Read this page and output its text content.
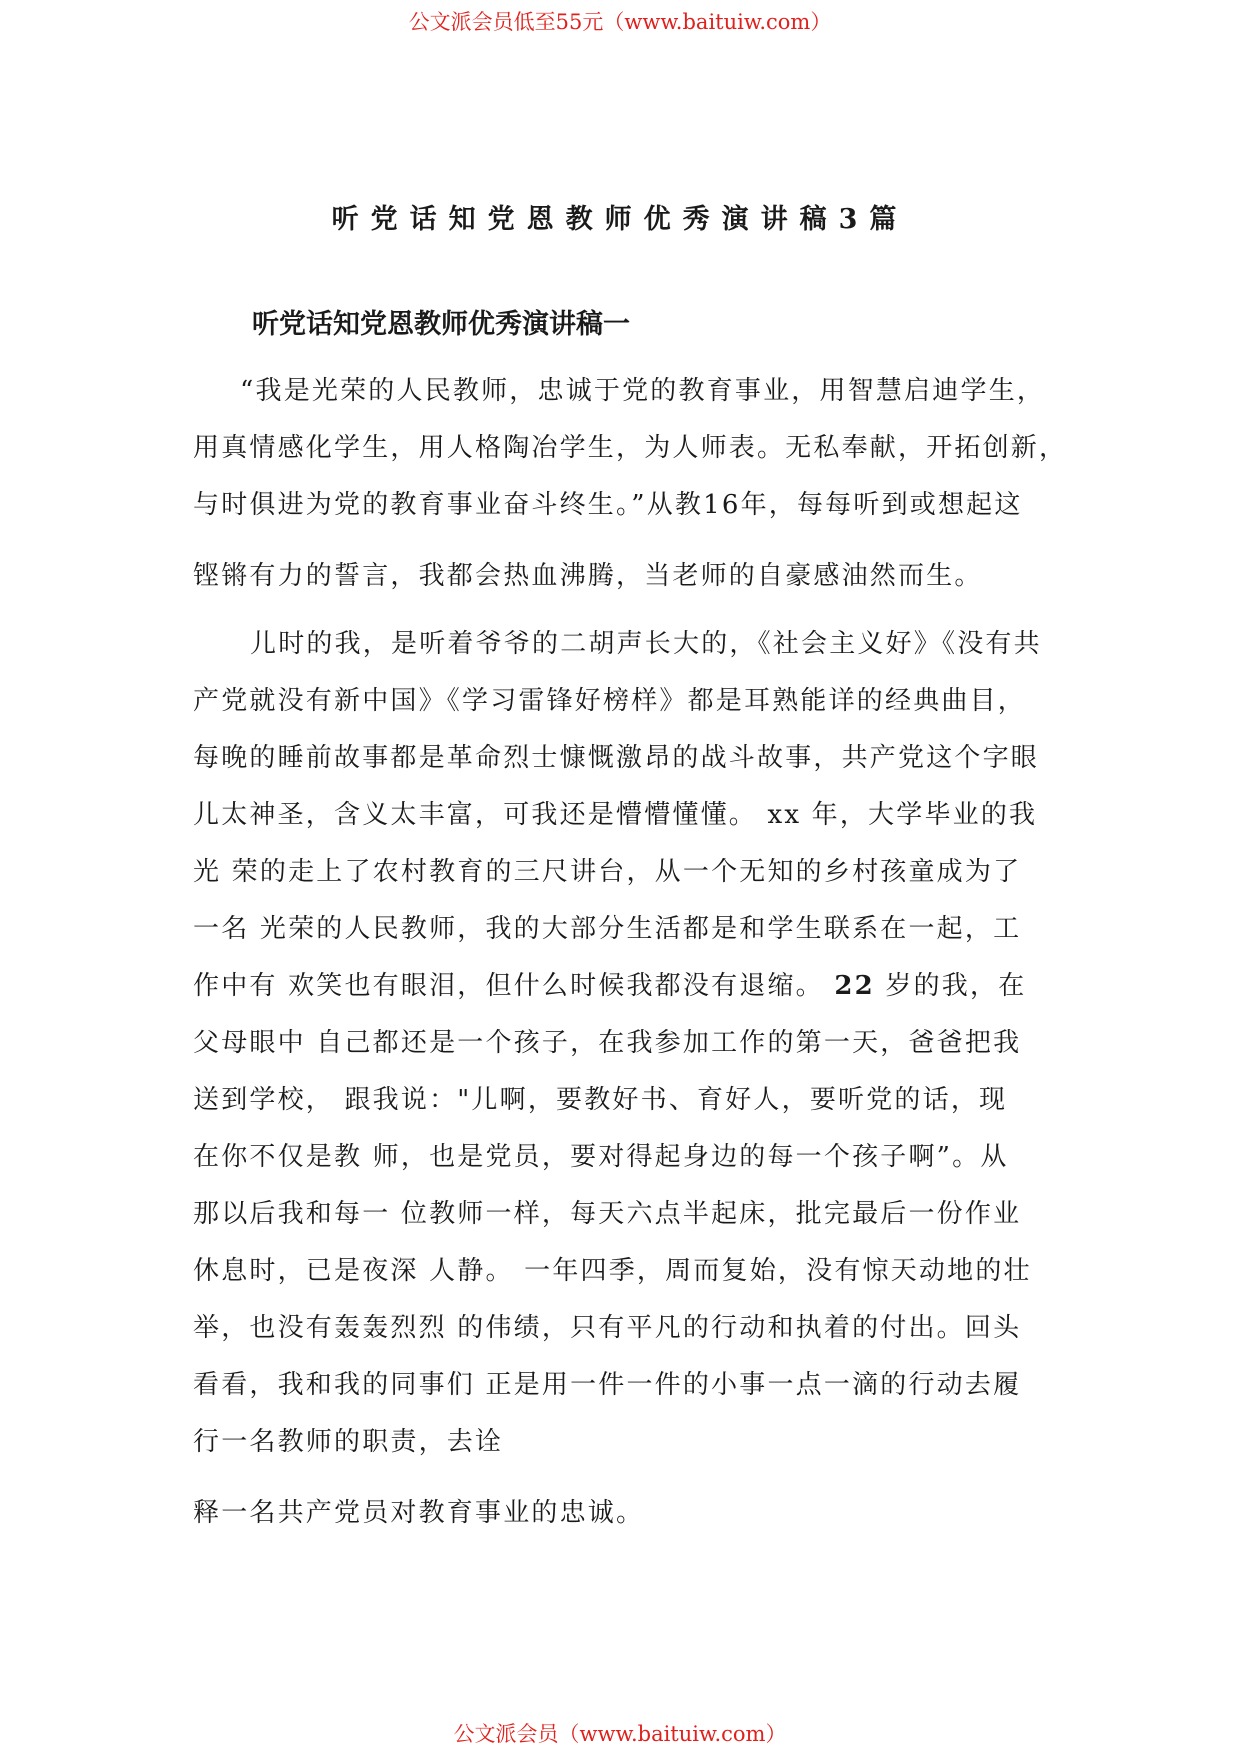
公文派会员低至55元（www.baituiw.com）
听党话知党恩教师优秀演讲稿3篇
听党话知党恩教师优秀演讲稿一
“我是光荣的人民教师，忠诚于党的教育事业，用智慧启迪学生，
用真情感化学生，用人格陶冶学生，为人师表。无私奉献，开拓创新，
与时俱进为党的教育事业奋斗终生。”从教16年，每每听到或想起这
铿锵有力的誓言，我都会热血沸腾，当老师的自豪感油然而生。
儿时的我，是听着爷爷的二胡声长大的，《社会主义好》《没有共
产党就没有新中国》《学习雷锋好榜样》都是耳熟能详的经典曲目，
每晚的睡前故事都是革命烈士慷慨激昂的战斗故事，共产党这个字眼
儿太神圣，含义太丰富，可我还是懵懵懂懂。 xx 年，大学毕业的我
光 荣的走上了农村教育的三尺讲台，从一个无知的乡村孩童成为了
一名 光荣的人民教师，我的大部分生活都是和学生联系在一起，工
作中有 欢笑也有眼泪，但什么时候我都没有退缩。 22 岁的我，在
父母眼中 自己都还是一个孩子，在我参加工作的第一天，爸爸把我
送到学校， 跟我说："儿啊，要教好书、育好人，要听党的话，现
在你不仅是教 师，也是党员，要对得起身边的每一个孩子啊”。从
那以后我和每一 位教师一样，每天六点半起床，批完最后一份作业
休息时，已是夜深 人静。 一年四季，周而复始，没有惊天动地的壮
举，也没有轰轰烈烈 的伟绩，只有平凡的行动和执着的付出。回头
看看，我和我的同事们 正是用一件一件的小事一点一滴的行动去履
行一名教师的职责，去诠
释一名共产党员对教育事业的忠诚。
公文派会员（www.baituiw.com）
